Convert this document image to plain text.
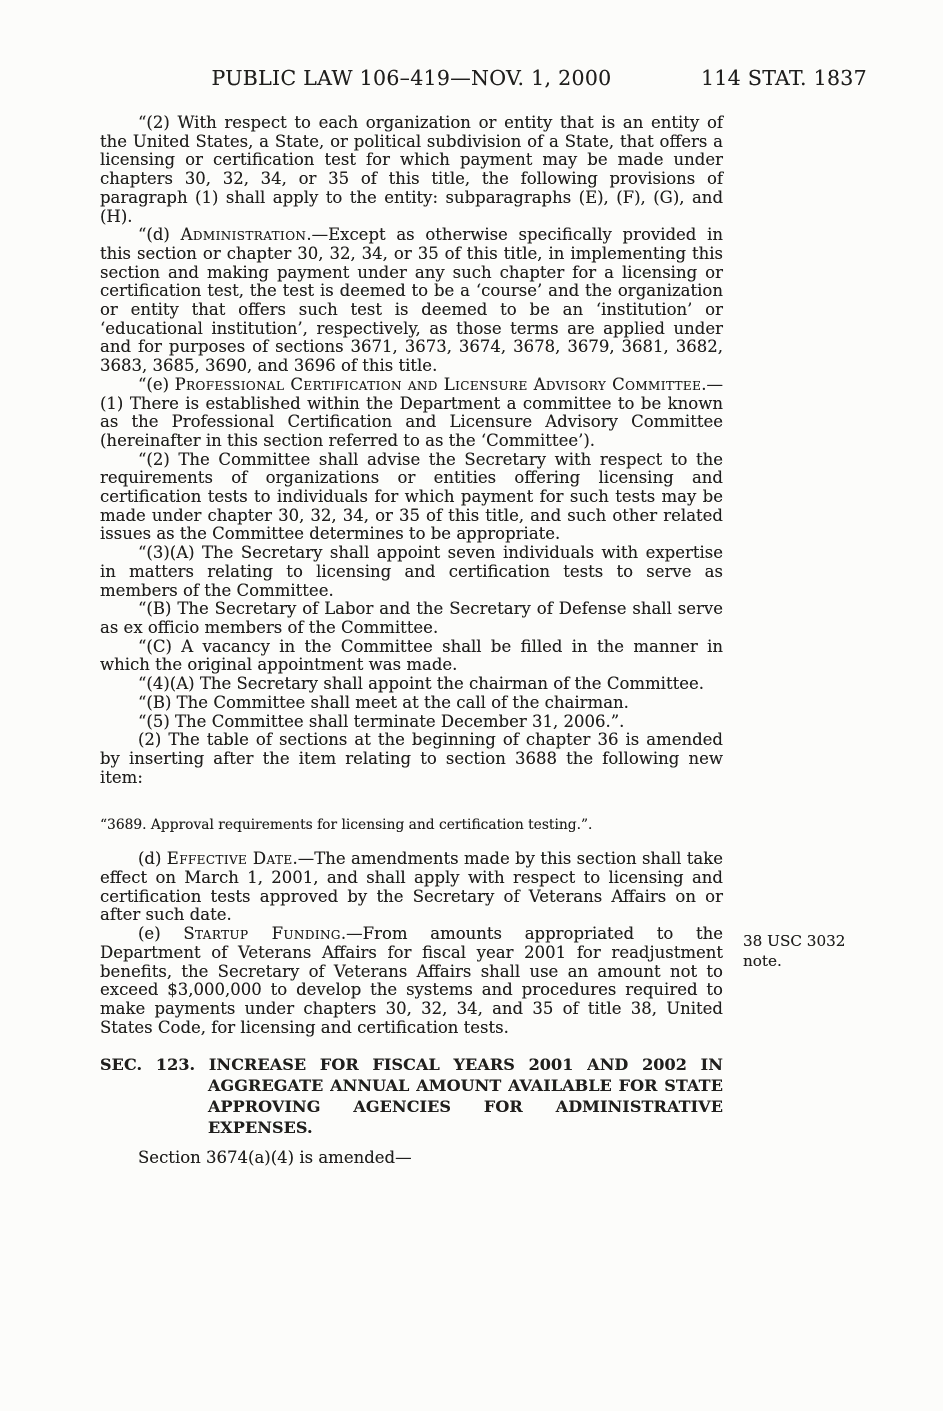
PUBLIC LAW 106–419—NOV. 1, 2000	114 STAT. 1837

“(2) With respect to each organization or entity that is an entity of the United States, a State, or political subdivision of a State, that offers a licensing or certification test for which payment may be made under chapters 30, 32, 34, or 35 of this title, the following provisions of paragraph (1) shall apply to the entity: subparagraphs (E), (F), (G), and (H).

“(d) Administration.—Except as otherwise specifically provided in this section or chapter 30, 32, 34, or 35 of this title, in implementing this section and making payment under any such chapter for a licensing or certification test, the test is deemed to be a ‘course’ and the organization or entity that offers such test is deemed to be an ‘institution’ or ‘educational institution’, respectively, as those terms are applied under and for purposes of sections 3671, 3673, 3674, 3678, 3679, 3681, 3682, 3683, 3685, 3690, and 3696 of this title.

“(e) Professional Certification and Licensure Advisory Committee.—(1) There is established within the Department a committee to be known as the Professional Certification and Licensure Advisory Committee (hereinafter in this section referred to as the ‘Committee’).

“(2) The Committee shall advise the Secretary with respect to the requirements of organizations or entities offering licensing and certification tests to individuals for which payment for such tests may be made under chapter 30, 32, 34, or 35 of this title, and such other related issues as the Committee determines to be appropriate.

“(3)(A) The Secretary shall appoint seven individuals with expertise in matters relating to licensing and certification tests to serve as members of the Committee.

“(B) The Secretary of Labor and the Secretary of Defense shall serve as ex officio members of the Committee.

“(C) A vacancy in the Committee shall be filled in the manner in which the original appointment was made.

“(4)(A) The Secretary shall appoint the chairman of the Committee.

“(B) The Committee shall meet at the call of the chairman.

“(5) The Committee shall terminate December 31, 2006.”.

(2) The table of sections at the beginning of chapter 36 is amended by inserting after the item relating to section 3688 the following new item:

“3689. Approval requirements for licensing and certification testing.”.

(d) Effective Date.—The amendments made by this section shall take effect on March 1, 2001, and shall apply with respect to licensing and certification tests approved by the Secretary of Veterans Affairs on or after such date.

(e) Startup Funding.—From amounts appropriated to the Department of Veterans Affairs for fiscal year 2001 for readjustment benefits, the Secretary of Veterans Affairs shall use an amount not to exceed $3,000,000 to develop the systems and procedures required to make payments under chapters 30, 32, 34, and 35 of title 38, United States Code, for licensing and certification tests.

SEC. 123. INCREASE FOR FISCAL YEARS 2001 AND 2002 IN AGGREGATE ANNUAL AMOUNT AVAILABLE FOR STATE APPROVING AGENCIES FOR ADMINISTRATIVE EXPENSES.

Section 3674(a)(4) is amended—

38 USC 3032
note.
